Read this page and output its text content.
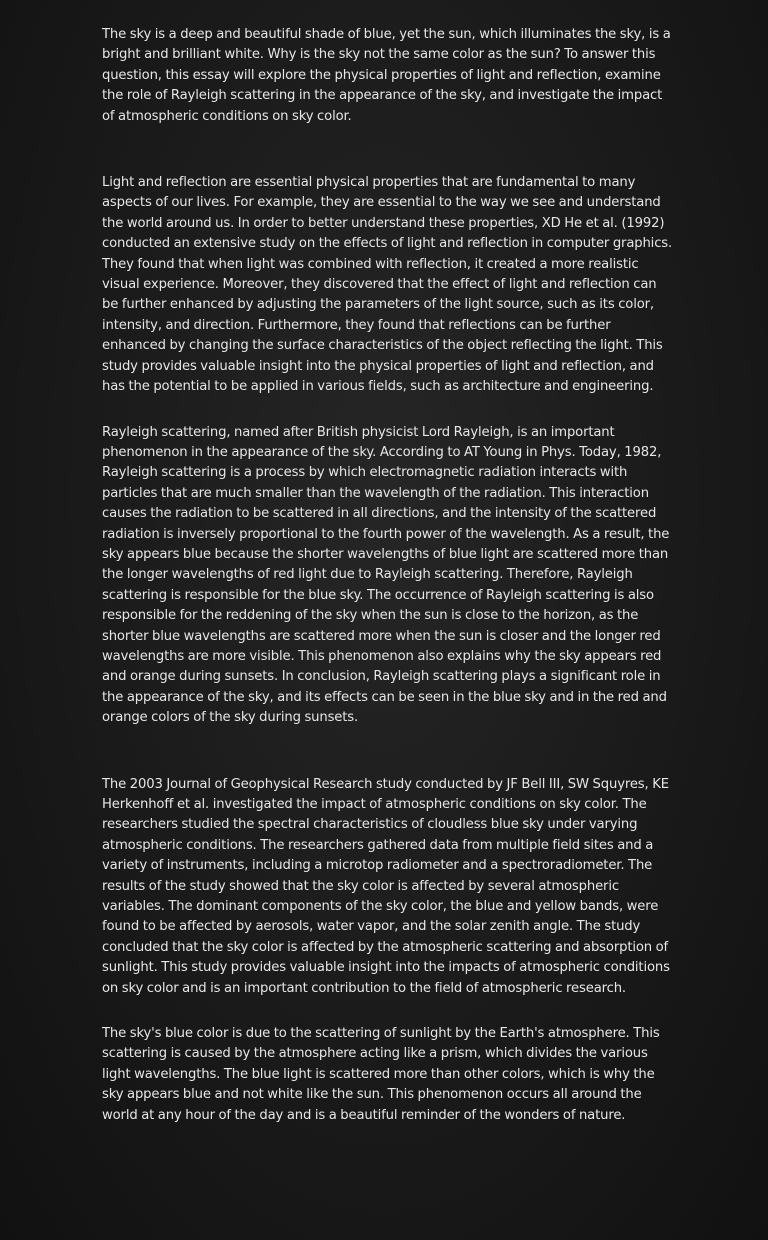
The sky is a deep and beautiful shade of blue, yet the sun, which illuminates the sky, is a bright and brilliant white. Why is the sky not the same color as the sun? To answer this question, this essay will explore the physical properties of light and reflection, examine the role of Rayleigh scattering in the appearance of the sky, and investigate the impact of atmospheric conditions on sky color.

Light and reflection are essential physical properties that are fundamental to many aspects of our lives. For example, they are essential to the way we see and understand the world around us. In order to better understand these properties, XD He et al. (1992) conducted an extensive study on the effects of light and reflection in computer graphics. They found that when light was combined with reflection, it created a more realistic visual experience. Moreover, they discovered that the effect of light and reflection can be further enhanced by adjusting the parameters of the light source, such as its color, intensity, and direction. Furthermore, they found that reflections can be further enhanced by changing the surface characteristics of the object reflecting the light. This study provides valuable insight into the physical properties of light and reflection, and has the potential to be applied in various fields, such as architecture and engineering.

Rayleigh scattering, named after British physicist Lord Rayleigh, is an important phenomenon in the appearance of the sky. According to AT Young in Phys. Today, 1982, Rayleigh scattering is a process by which electromagnetic radiation interacts with particles that are much smaller than the wavelength of the radiation. This interaction causes the radiation to be scattered in all directions, and the intensity of the scattered radiation is inversely proportional to the fourth power of the wavelength. As a result, the sky appears blue because the shorter wavelengths of blue light are scattered more than the longer wavelengths of red light due to Rayleigh scattering. Therefore, Rayleigh scattering is responsible for the blue sky. The occurrence of Rayleigh scattering is also responsible for the reddening of the sky when the sun is close to the horizon, as the shorter blue wavelengths are scattered more when the sun is closer and the longer red wavelengths are more visible. This phenomenon also explains why the sky appears red and orange during sunsets. In conclusion, Rayleigh scattering plays a significant role in the appearance of the sky, and its effects can be seen in the blue sky and in the red and orange colors of the sky during sunsets.

The 2003 Journal of Geophysical Research study conducted by JF Bell III, SW Squyres, KE Herkenhoff et al. investigated the impact of atmospheric conditions on sky color. The researchers studied the spectral characteristics of cloudless blue sky under varying atmospheric conditions. The researchers gathered data from multiple field sites and a variety of instruments, including a microtop radiometer and a spectroradiometer. The results of the study showed that the sky color is affected by several atmospheric variables. The dominant components of the sky color, the blue and yellow bands, were found to be affected by aerosols, water vapor, and the solar zenith angle. The study concluded that the sky color is affected by the atmospheric scattering and absorption of sunlight. This study provides valuable insight into the impacts of atmospheric conditions on sky color and is an important contribution to the field of atmospheric research.

The sky's blue color is due to the scattering of sunlight by the Earth's atmosphere. This scattering is caused by the atmosphere acting like a prism, which divides the various light wavelengths. The blue light is scattered more than other colors, which is why the sky appears blue and not white like the sun. This phenomenon occurs all around the world at any hour of the day and is a beautiful reminder of the wonders of nature.
